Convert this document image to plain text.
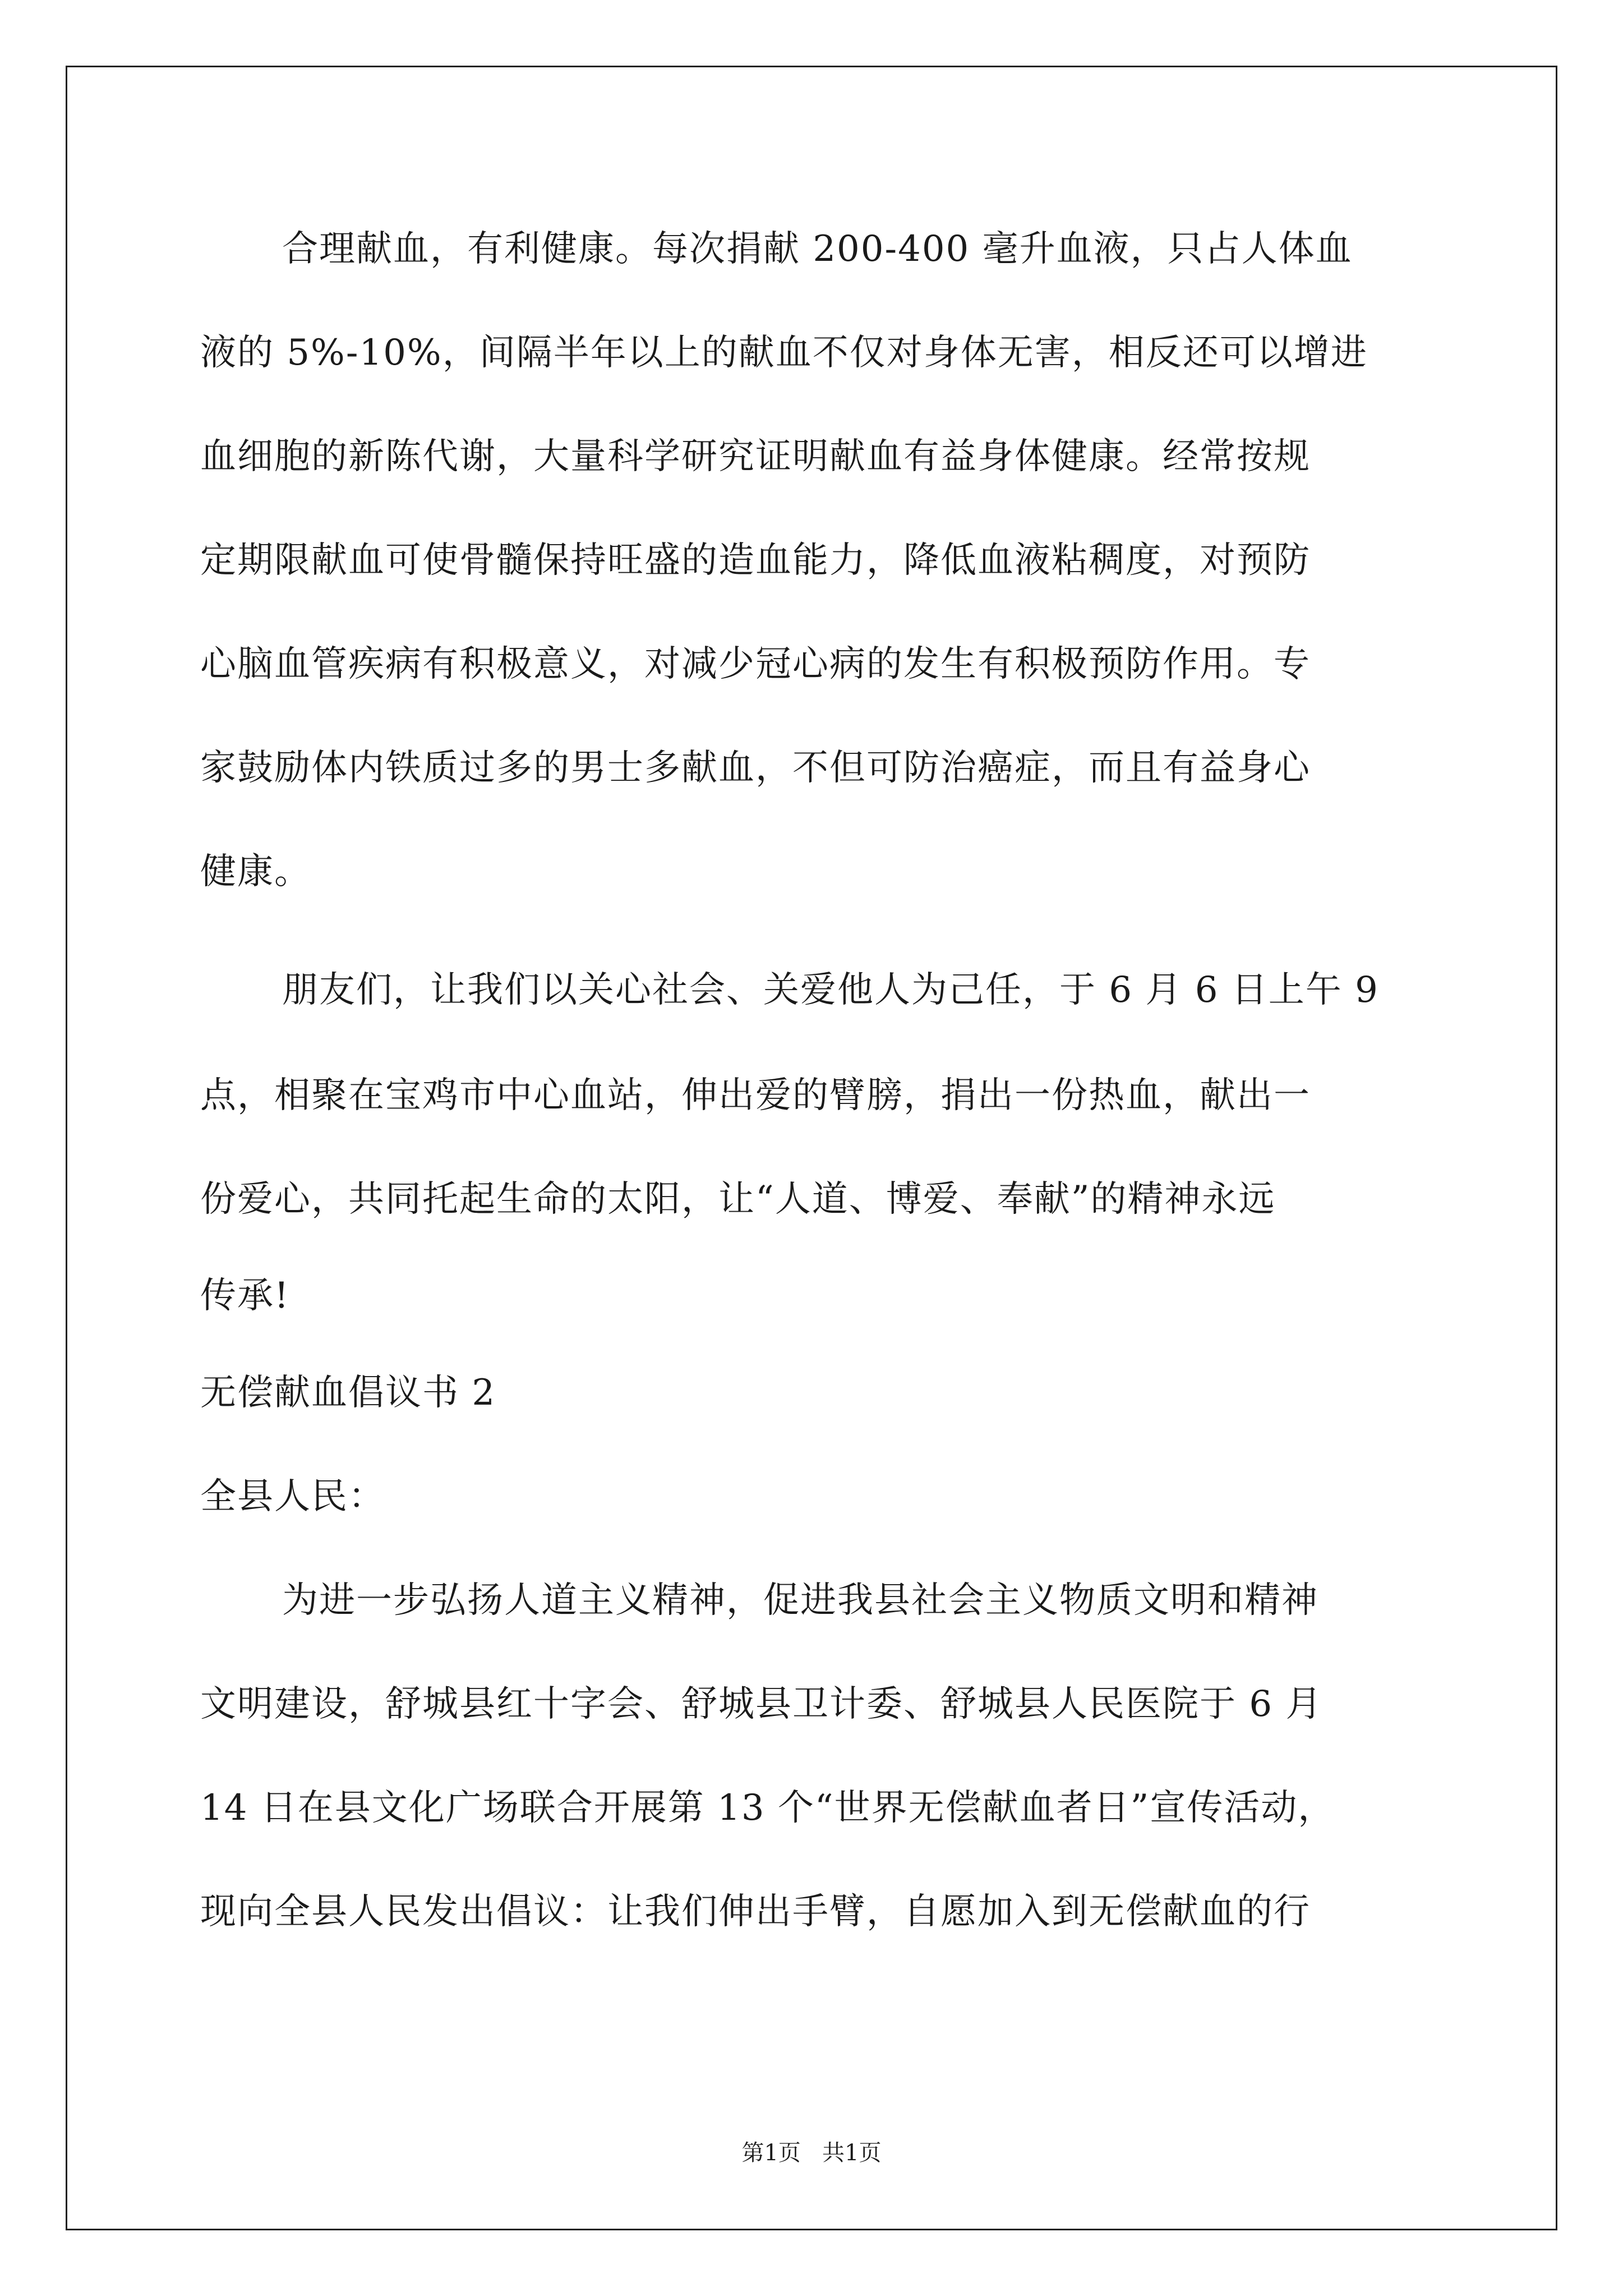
合理献血，有利健康。每次捐献 200-400 毫升血液，只占人体血
液的 5%-10%，间隔半年以上的献血不仅对身体无害，相反还可以增进
血细胞的新陈代谢，大量科学研究证明献血有益身体健康。经常按规
定期限献血可使骨髓保持旺盛的造血能力，降低血液粘稠度，对预防
心脑血管疾病有积极意义，对减少冠心病的发生有积极预防作用。专
家鼓励体内铁质过多的男士多献血，不但可防治癌症，而且有益身心
健康。
朋友们，让我们以关心社会、关爱他人为己任，于 6 月 6 日上午 9
点，相聚在宝鸡市中心血站，伸出爱的臂膀，捐出一份热血，献出一
份爱心，共同托起生命的太阳，让“人道、博爱、奉献”的精神永远
传承!
无偿献血倡议书 2
全县人民：
为进一步弘扬人道主义精神，促进我县社会主义物质文明和精神
文明建设，舒城县红十字会、舒城县卫计委、舒城县人民医院于 6 月
14 日在县文化广场联合开展第 13 个“世界无偿献血者日”宣传活动，
现向全县人民发出倡议：让我们伸出手臂，自愿加入到无偿献血的行
第1页   共1页
